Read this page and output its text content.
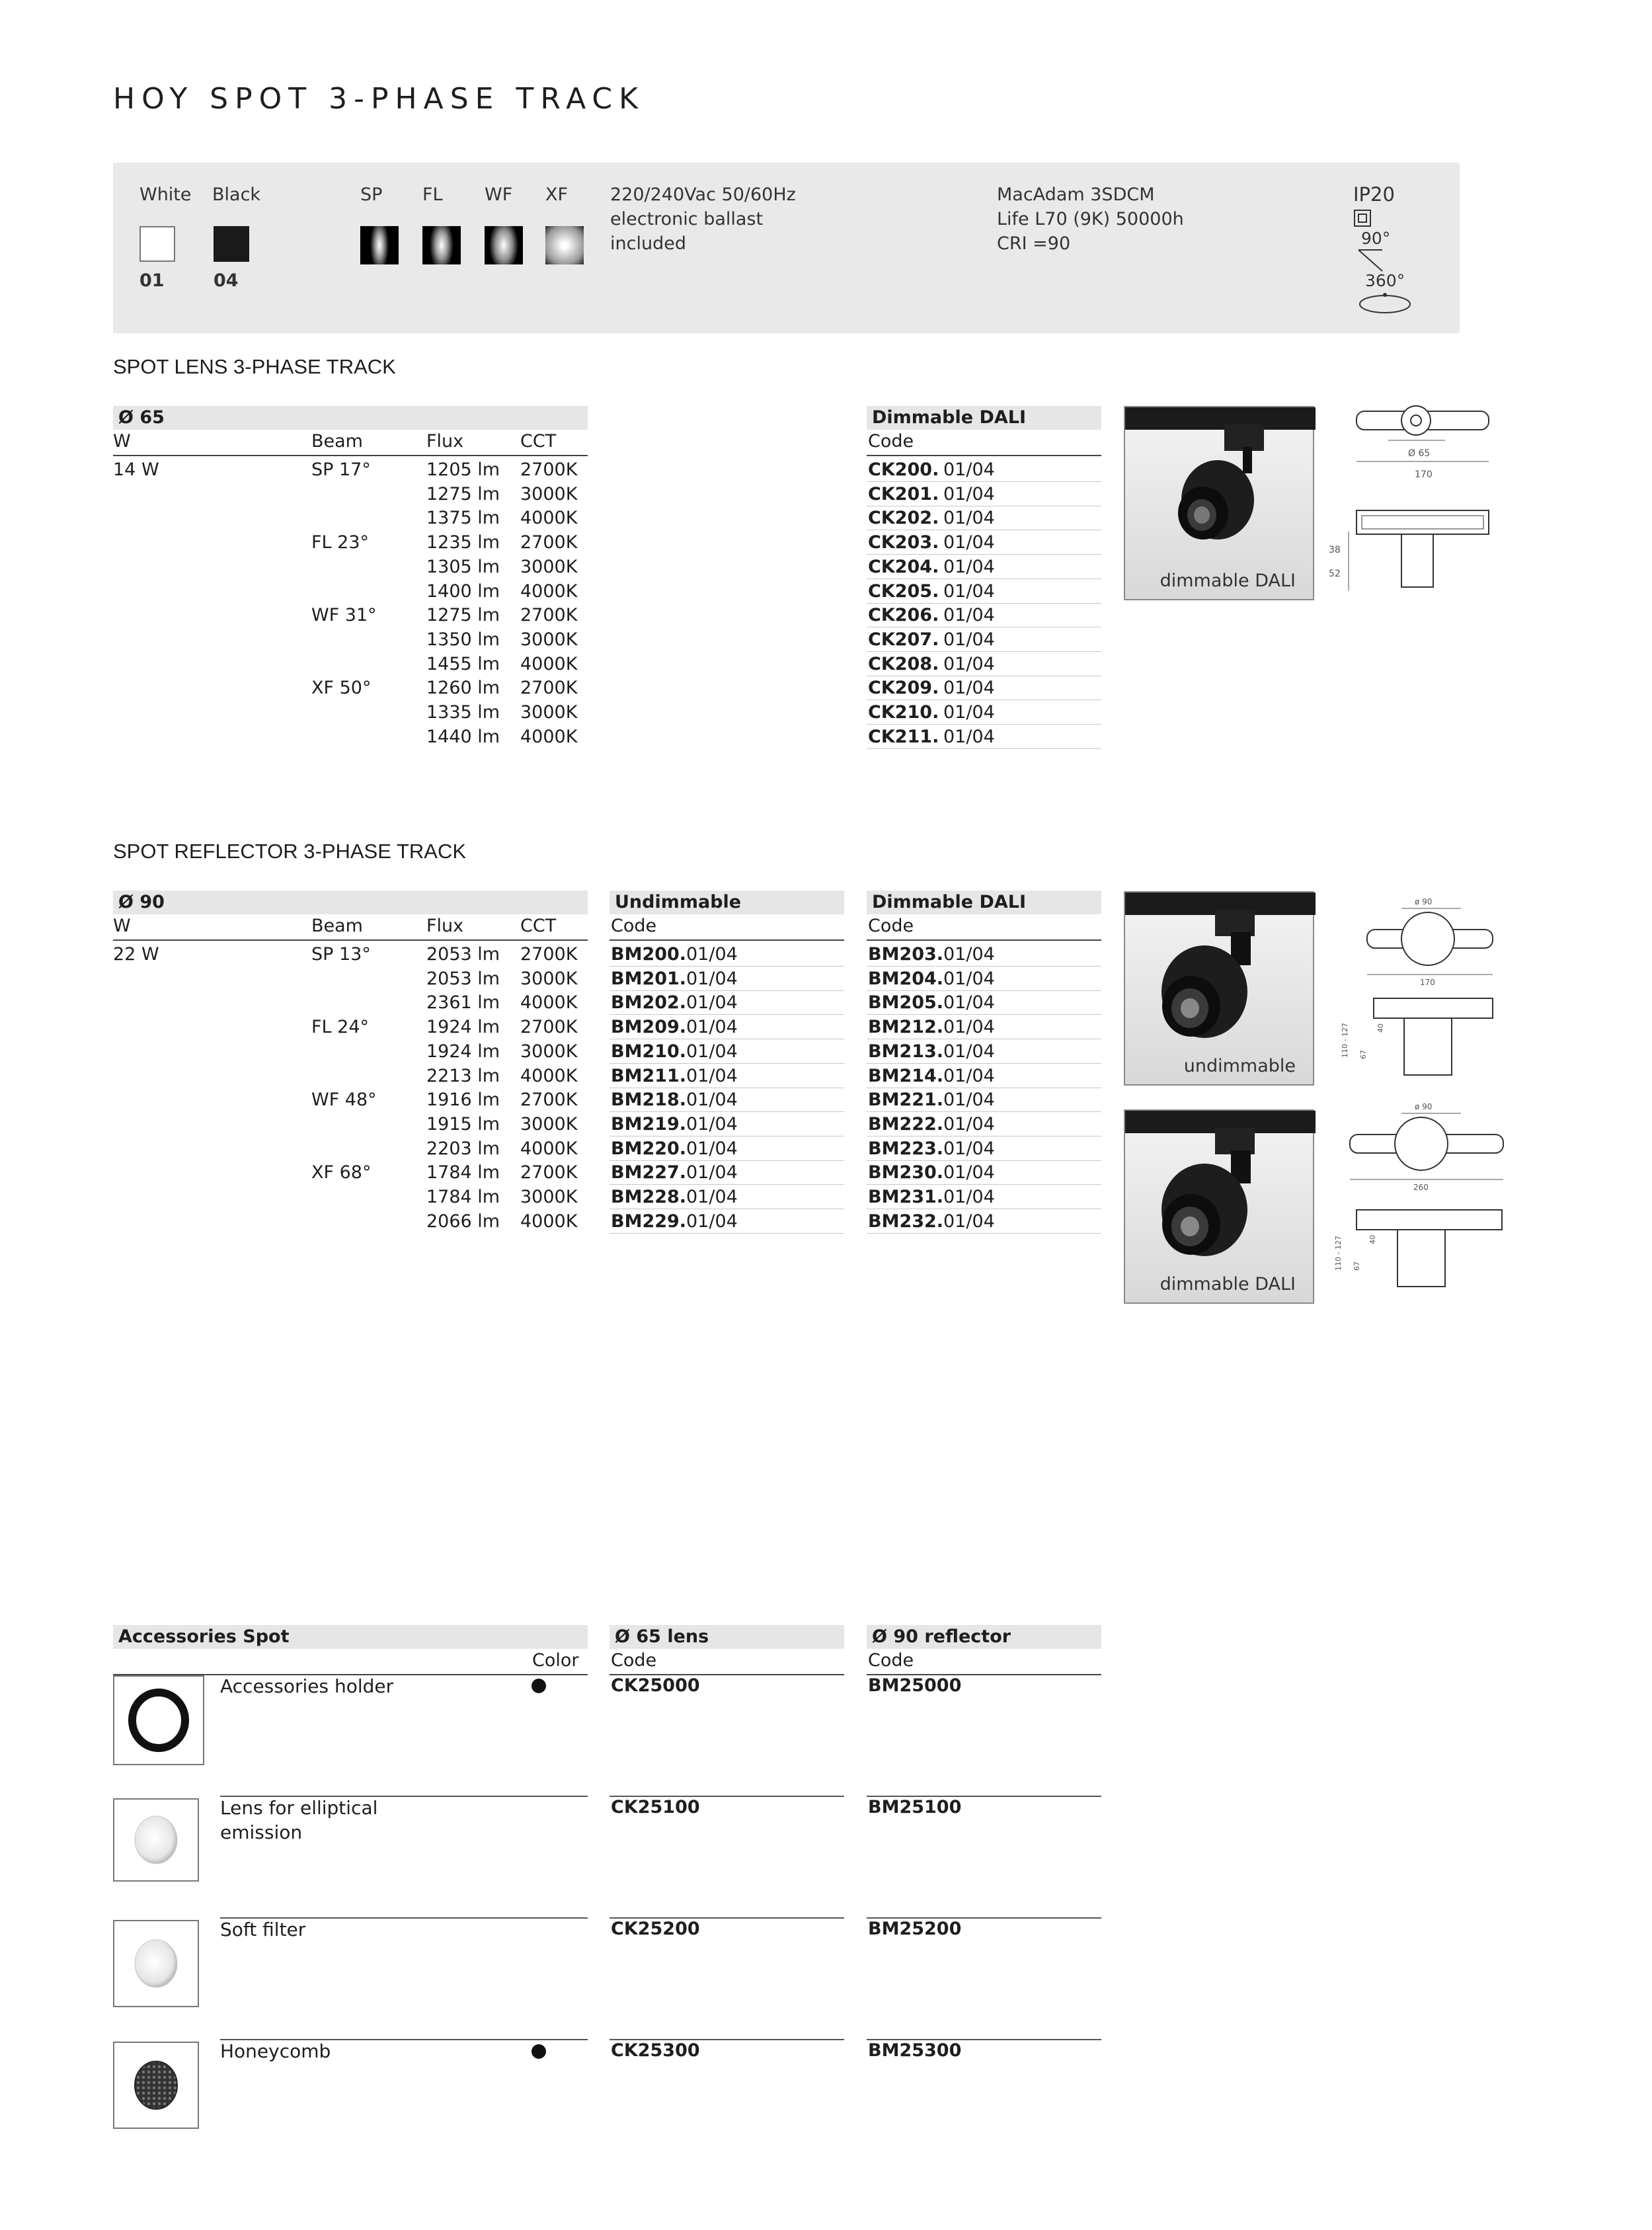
HOY SPOT 3-PHASE TRACK
White Black
01	04
SP FL WF XF 220/240Vac 50/60Hz
electronic ballast
included
MacAdam 3SDCM
Life L70 (9K) 50000h
CRI =90
IP20
90°
360°
SPOT LENS 3-PHASE TRACK
Ø 65
W	Beam	Flux	CCT
14 W	SP 17°	1205 lm 2700K
1275 lm 3000K
1375 lm 4000K
FL 23°	1235 lm 2700K
1305 lm 3000K
1400 lm 4000K
WF 31°	1275 lm 2700K
1350 lm 3000K
1455 lm 4000K
XF 50°	1260 lm 2700K
1335 lm 3000K
1440 lm 4000K
Dimmable DALI
Code
CK200. 01/04
CK201. 01/04
CK202. 01/04
CK203. 01/04
CK204. 01/04
CK205. 01/04
CK206. 01/04
CK207. 01/04
CK208. 01/04
CK209. 01/04
CK210. 01/04
CK211. 01/04
dimmable DALI
Ø 65
170
38
52
SPOT REFLECTOR 3-PHASE TRACK
Ø 90
W	Beam	Flux	CCT
22 W	SP 13°	2053 lm 2700K
2053 lm 3000K
2361 lm 4000K
FL 24°	1924 lm 2700K
1924 lm 3000K
2213 lm 4000K
WF 48°	1916 lm 2700K
1915 lm 3000K
2203 lm 4000K
XF 68°	1784 lm 2700K
1784 lm 3000K
2066 lm 4000K
Undimmable
Code
BM200. 01/04
BM201. 01/04
BM202. 01/04
BM209. 01/04
BM210. 01/04
BM211. 01/04
BM218. 01/04
BM219. 01/04
BM220. 01/04
BM227. 01/04
BM228. 01/04
BM229. 01/04
Dimmable DALI
Code
BM203. 01/04
BM204. 01/04
BM205. 01/04
BM212. 01/04
BM213. 01/04
BM214. 01/04
BM221. 01/04
BM222. 01/04
BM223. 01/04
BM230. 01/04
BM231. 01/04
BM232. 01/04
undimmable
dimmable DALI
ø 90
170
110 - 127	40
67
ø 90
260
110 - 127	40
67
Accessories Spot
Color
Ø 65 lens
Code
Ø 90 reflector
Code
Accessories holder	CK25000	BM25000
Lens for elliptical emission
CK25100	BM25100
Soft filter	CK25200	BM25200
Honeycomb	CK25300	BM25300
